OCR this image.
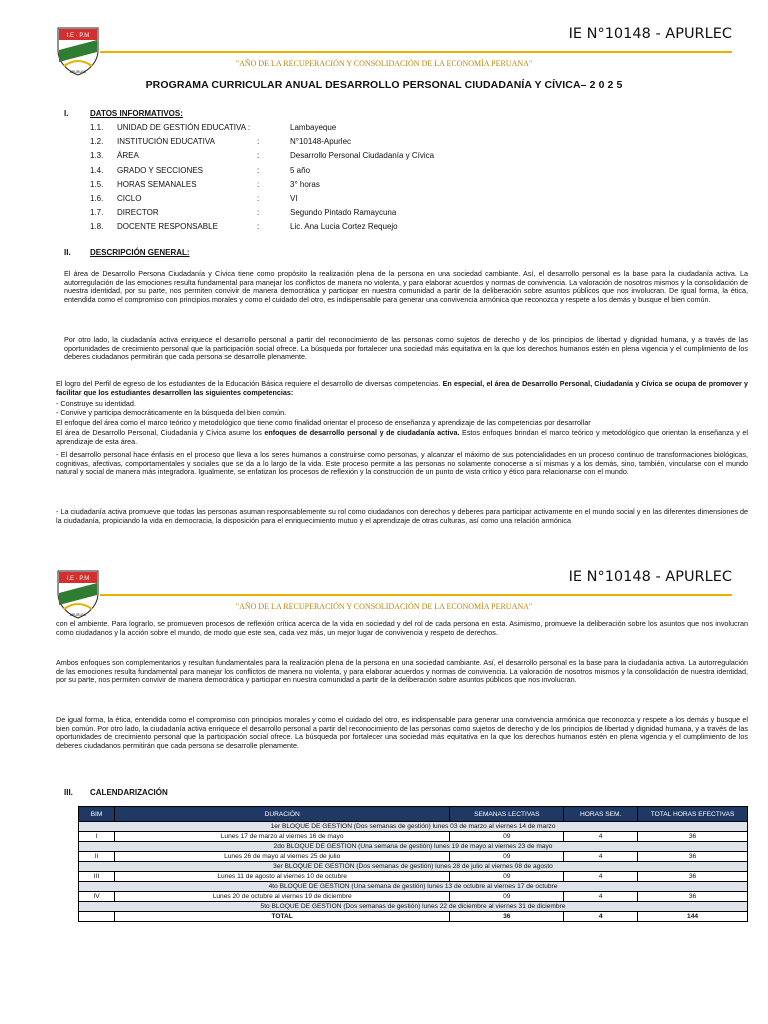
I.E · P.M
APURLEC
IE N°10148 - APURLEC
"AÑO DE LA RECUPERACIÓN Y CONSOLIDACIÓN DE LA ECONOMÍA PERUANA"
PROGRAMA CURRICULAR ANUAL DESARROLLO PERSONAL CIUDADANÍA Y CÍVICA– 2 0 2 5
I.	DATOS INFORMATIVOS:
1.1. UNIDAD DE GESTIÓN EDUCATIVA :	Lambayeque
1.2. INSTITUCIÓN EDUCATIVA	:	N°10148-Apurlec
1.3. ÁREA	:	Desarrollo Personal Ciudadanía y Cívica
1.4. GRADO Y SECCIONES	:	5 año
1.5. HORAS SEMANALES	:	3° horas
1.6. CICLO	:	VI
1.7. DIRECTOR	:	Segundo Pintado Ramaycuna
1.8. DOCENTE RESPONSABLE	:	Lic. Ana Lucia Cortez Requejo
II. DESCRIPCIÓN GENERAL:
El área de Desarrollo Persona Ciudadanía y Cívica tiene como propósito la realización plena de la persona en una sociedad cambiante. Así, el desarrollo personal es la base para la ciudadanía activa. La autorregulación de las emociones resulta fundamental para manejar los conflictos de manera no violenta, y para elaborar acuerdos y normas de convivencia. La valoración de nosotros mismos y la consolidación de nuestra identidad, por su parte, nos permiten convivir de manera democrática y participar en nuestra comunidad a partir de la deliberación sobre asuntos públicos que nos involucran. De igual forma, la ética, entendida como el compromiso con principios morales y como el cuidado del otro, es indispensable para generar una convivencia armónica que reconozca y respete a los demás y busque el bien común.
Por otro lado, la ciudadanía activa enriquece el desarrollo personal a partir del reconocimiento de las personas como sujetos de derecho y de los principios de libertad y dignidad humana, y a través de las oportunidades de crecimiento personal que la participación social ofrece. La búsqueda por fortalecer una sociedad más equitativa en la que los derechos humanos estén en plena vigencia y el cumplimiento de los deberes ciudadanos permitirán que cada persona se desarrolle plenamente.
El logro del Perfil de egreso de los estudiantes de la Educación Básica requiere el desarrollo de diversas competencias. En especial, el área de Desarrollo Personal, Ciudadanía y Cívica se ocupa de promover y facilitar que los estudiantes desarrollen las siguientes competencias:
- Construye su identidad.
- Convive y participa democráticamente en la búsqueda del bien común.
El enfoque del área como el marco teórico y metodológico que tiene como finalidad orientar el proceso de enseñanza y aprendizaje de las competencias por desarrollar
El área de Desarrollo Personal, Ciudadanía y Cívica asume los enfoques de desarrollo personal y de ciudadanía activa. Estos enfoques brindan el marco teórico y metodológico que orientan la enseñanza y el aprendizaje de esta área.
- El desarrollo personal hace énfasis en el proceso que lleva a los seres humanos a construirse como personas, y alcanzar el máximo de sus potencialidades en un proceso continuo de transformaciones biológicas, cognitivas, afectivas, comportamentales y sociales que se da a lo largo de la vida. Este proceso permite a las personas no solamente conocerse a sí mismas y a los demás, sino, también, vincularse con el mundo natural y social de manera más integradora. Igualmente, se enfatizan los procesos de reflexión y la construcción de un punto de vista crítico y ético para relacionarse con el mundo.
- La ciudadanía activa promueve que todas las personas asuman responsablemente su rol como ciudadanos con derechos y deberes para participar activamente en el mundo social y en las diferentes dimensiones de la ciudadanía, propiciando la vida en democracia, la disposición para el enriquecimiento mutuo y el aprendizaje de otras culturas, así como una relación armónica
I.E · P.M
APURLEC
IE N°10148 - APURLEC
"AÑO DE LA RECUPERACIÓN Y CONSOLIDACIÓN DE LA ECONOMÍA PERUANA"
con el ambiente. Para lograrlo, se promueven procesos de reflexión crítica acerca de la vida en sociedad y del rol de cada persona en esta. Asimismo, promueve la deliberación sobre los asuntos que nos involucran como ciudadanos y la acción sobre el mundo, de modo que este sea, cada vez más, un mejor lugar de convivencia y respeto de derechos.
Ambos enfoques son complementarios y resultan fundamentales para la realización plena de la persona en una sociedad cambiante. Así, el desarrollo personal es la base para la ciudadanía activa. La autorregulación de las emociones resulta fundamental para manejar los conflictos de manera no violenta, y para elaborar acuerdos y normas de convivencia. La valoración de nosotros mismos y la consolidación de nuestra identidad, por su parte, nos permiten convivir de manera democrática y participar en nuestra comunidad a partir de la deliberación sobre asuntos públicos que nos involucran.
De igual forma, la ética, entendida como el compromiso con principios morales y como el cuidado del otro, es indispensable para generar una convivencia armónica que reconozca y respete a los demás y busque el bien común. Por otro lado, la ciudadanía activa enriquece el desarrollo personal a partir del reconocimiento de las personas como sujetos de derecho y de los principios de libertad y dignidad humana, y a través de las oportunidades de crecimiento personal que la participación social ofrece. La búsqueda por fortalecer una sociedad más equitativa en la que los derechos humanos estén en plena vigencia y el cumplimiento de los deberes ciudadanos permitirán que cada persona se desarrolle plenamente.
III. CALENDARIZACIÓN
BIM	DURACIÓN	SEMANAS LECTIVAS	HORAS SEM.	TOTAL HORAS EFECTIVAS
1er BLOQUE DE GESTION (Dos semanas de gestión) lunes 03 de marzo al viernes 14 de marzo				
I	Lunes 17 de marzo al viernes 16 de mayo	09	4	36
2do BLOQUE DE GESTION (Una semana de gestión) lunes 19 de mayo al viernes 23 de mayo				
II	Lunes 26 de mayo al viernes 25 de julio	09	4	36
3er BLOQUE DE GESTION (Dos semanas de gestión) lunes 28 de julio al viernes 08 de agosto				
III	Lunes 11 de agosto al viernes 10 de octubre	09	4	36
4to BLOQUE DE GESTION (Una semana de gestión) lunes 13 de octubre al viernes 17 de octubre				
IV	Lunes 20 de octubre al viernes 19 de diciembre	09	4	36
5to BLOQUE DE GESTION (Dos semanas de gestión) lunes 22 de diciembre al viernes 31 de diciembre				
	TOTAL	36	4	144
